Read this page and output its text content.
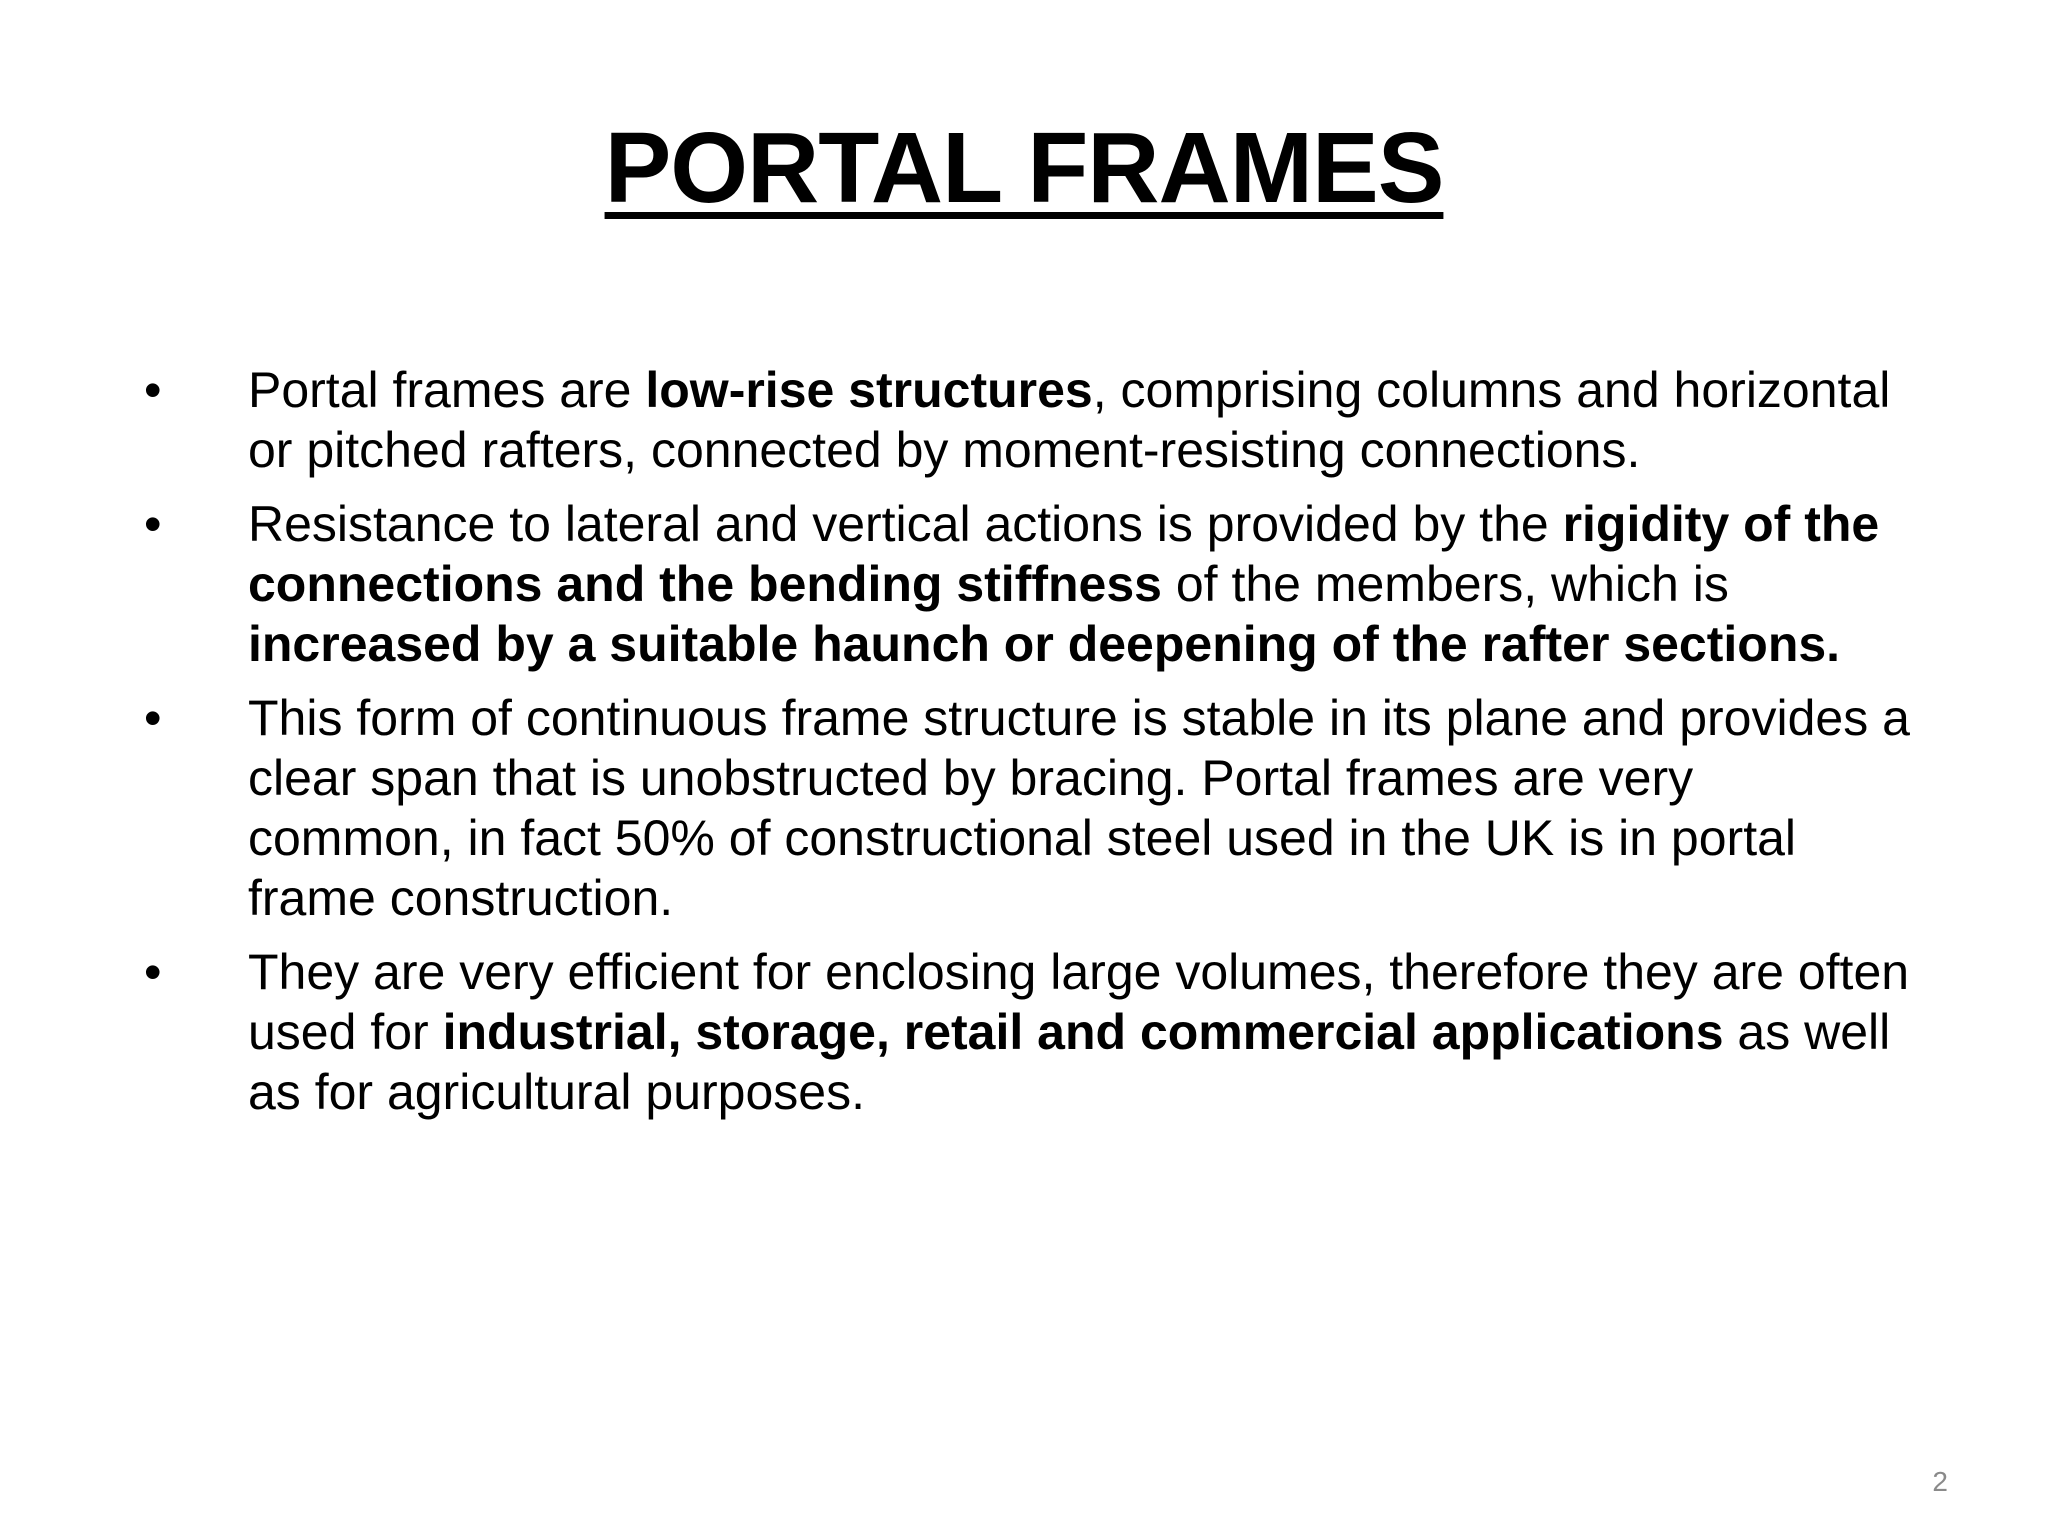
PORTAL FRAMES
•	Portal frames are low-rise structures, comprising columns and horizontal or pitched rafters, connected by moment-resisting connections.
•	Resistance to lateral and vertical actions is provided by the rigidity of the connections and the bending stiffness of the members, which is increased by a suitable haunch or deepening of the rafter sections.
•	This form of continuous frame structure is stable in its plane and provides a clear span that is unobstructed by bracing. Portal frames are very common, in fact 50% of constructional steel used in the UK is in portal frame construction.
•	They are very efficient for enclosing large volumes, therefore they are often used for industrial, storage, retail and commercial applications as well as for agricultural purposes.
2
